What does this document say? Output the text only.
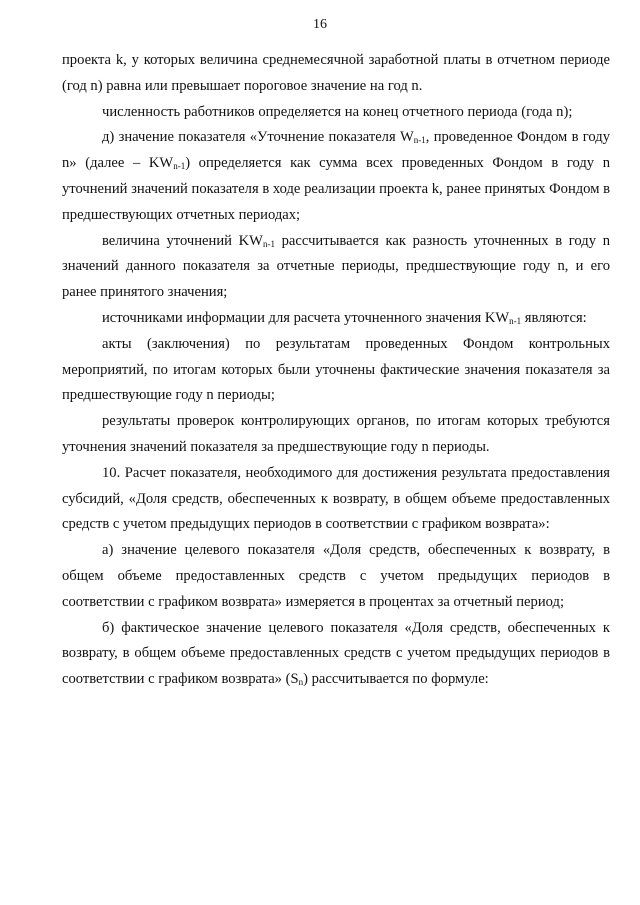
16

проекта k, у которых величина среднемесячной заработной платы в отчетном периоде (год n) равна или превышает пороговое значение на год n.

численность работников определяется на конец отчетного периода (года n);

д) значение показателя «Уточнение показателя $W_{n-1}$, проведенное Фондом в году n» (далее – $KW_{n-1}$) определяется как сумма всех проведенных Фондом в году n уточнений значений показателя в ходе реализации проекта k, ранее принятых Фондом в предшествующих отчетных периодах;

величина уточнений $KW_{n-1}$ рассчитывается как разность уточненных в году n значений данного показателя за отчетные периоды, предшествующие году n, и его ранее принятого значения;

источниками информации для расчета уточненного значения $KW_{n-1}$ являются:

акты (заключения) по результатам проведенных Фондом контрольных мероприятий, по итогам которых были уточнены фактические значения показателя за предшествующие году n периоды;

результаты проверок контролирующих органов, по итогам которых требуются уточнения значений показателя за предшествующие году n периоды.

10. Расчет показателя, необходимого для достижения результата предоставления субсидий, «Доля средств, обеспеченных к возврату, в общем объеме предоставленных средств с учетом предыдущих периодов в соответствии с графиком возврата»:

а) значение целевого показателя «Доля средств, обеспеченных к возврату, в общем объеме предоставленных средств с учетом предыдущих периодов в соответствии с графиком возврата» измеряется в процентах за отчетный период;

б) фактическое значение целевого показателя «Доля средств, обеспеченных к возврату, в общем объеме предоставленных средств с учетом предыдущих периодов в соответствии с графиком возврата» $(S_n)$ рассчитывается по формуле:
